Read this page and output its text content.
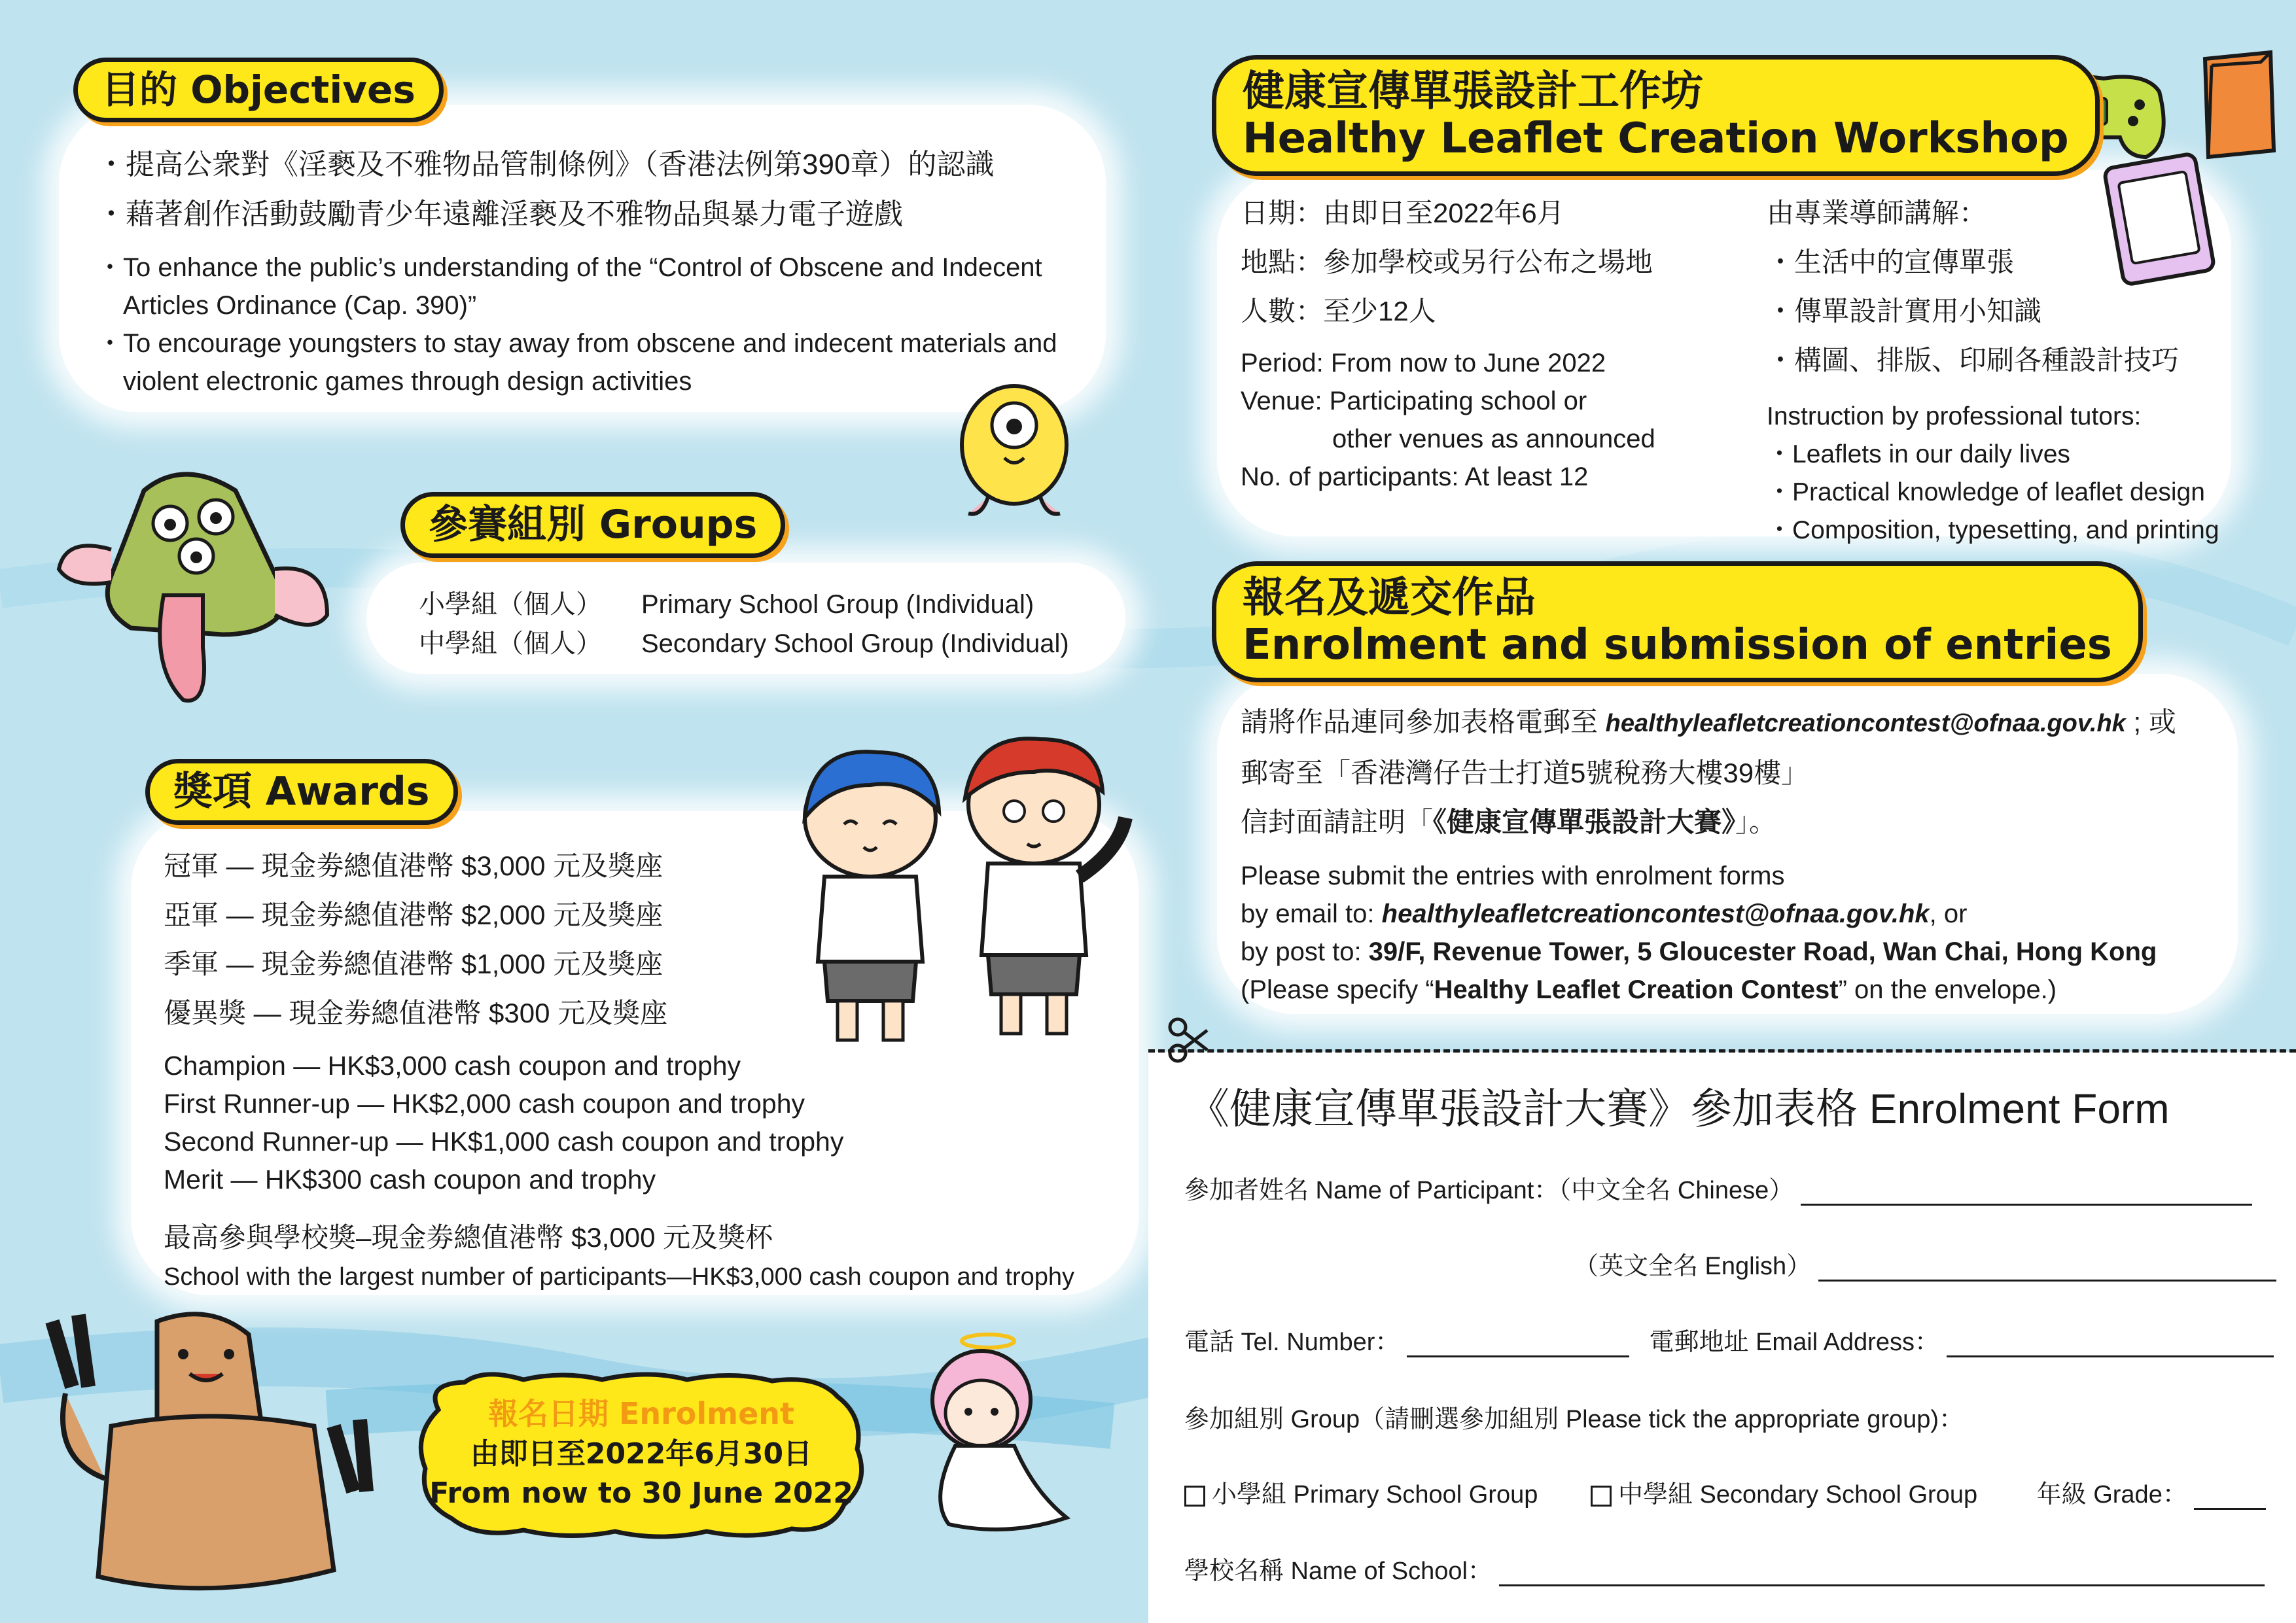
目的 Objectives
・ 提高公衆對《淫褻及不雅物品管制條例》（香港法例第390章）的認識
・ 藉著創作活動鼓勵青少年遠離淫褻及不雅物品與暴力電子遊戲
・ To enhance the public’s understanding of the “Control of Obscene and Indecent
Articles Ordinance (Cap. 390)”
・ To encourage youngsters to stay away from obscene and indecent materials and
violent electronic games through design activities
參賽組別 Groups
小學組（個人） Primary School Group (Individual)
中學組（個人） Secondary School Group (Individual)
獎項 Awards
冠軍 — 現金劵總值港幣 $3,000 元及獎座
亞軍 — 現金劵總值港幣 $2,000 元及獎座
季軍 — 現金劵總值港幣 $1,000 元及獎座
優異獎 — 現金劵總值港幣 $300 元及獎座
Champion — HK$3,000 cash coupon and trophy
First Runner-up — HK$2,000 cash coupon and trophy
Second Runner-up — HK$1,000 cash coupon and trophy
Merit — HK$300 cash coupon and trophy
最高參與學校獎–現金劵總值港幣 $3,000 元及獎杯
School with the largest number of participants—HK$3,000 cash coupon and trophy
報名日期 Enrolment
由即日至2022年6月30日
From now to 30 June 2022
健康宣傳單張設計工作坊
Healthy Leaflet Creation Workshop
日期：由即日至2022年6月
地點：參加學校或另行公布之場地
人數：至少12人
Period: From now to June 2022
Venue: Participating school or
other venues as announced
No. of participants: At least 12
由專業導師講解：
・ 生活中的宣傳單張
・ 傳單設計實用小知識
・ 構圖、排版、印刷各種設計技巧
Instruction by professional tutors:
・ Leaflets in our daily lives
・ Practical knowledge of leaflet design
・ Composition, typesetting, and printing
報名及遞交作品
Enrolment and submission of entries
請將作品連同參加表格電郵至 healthyleafletcreationcontest@ofnaa.gov.hk ; 或
郵寄至「香港灣仔告士打道5號稅務大樓39樓」
信封面請註明「《健康宣傳單張設計大賽》」。
Please submit the entries with enrolment forms
by email to: healthyleafletcreationcontest@ofnaa.gov.hk, or
by post to: 39/F, Revenue Tower, 5 Gloucester Road, Wan Chai, Hong Kong
(Please specify “Healthy Leaflet Creation Contest” on the envelope.)
《健康宣傳單張設計大賽》參加表格 Enrolment Form
參加者姓名 Name of Participant：（中文全名 Chinese）
（英文全名 English）
電話 Tel. Number：	電郵地址 Email Address：
參加組別 Group（請刪選參加組別 Please tick the appropriate group)：
小學組 Primary School Group	中學組 Secondary School Group 年級 Grade：
學校名稱 Name of School：
